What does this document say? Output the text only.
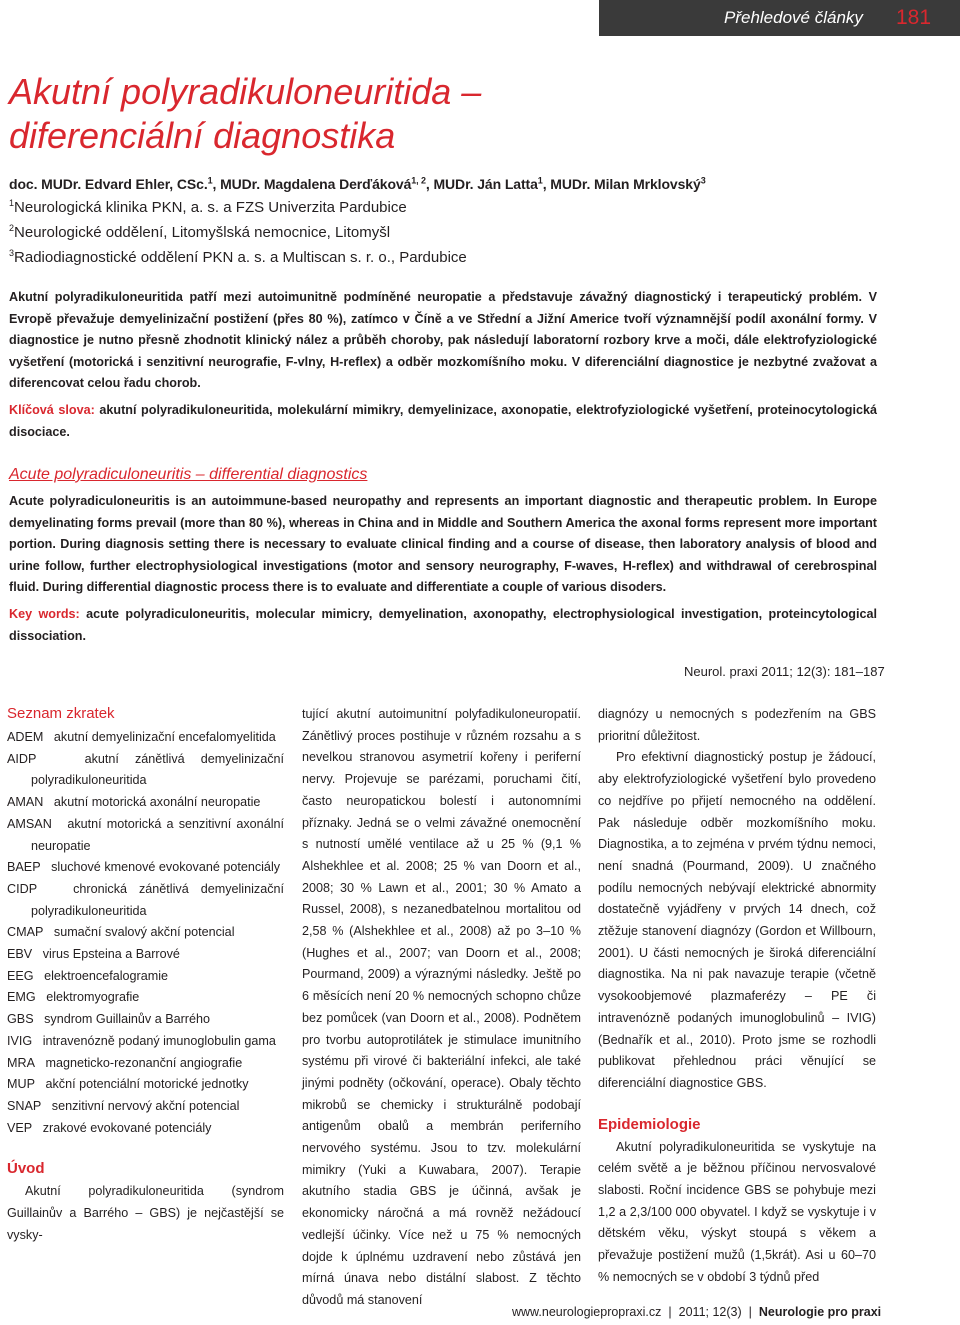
Přehledové články 181
Akutní polyradikuloneuritida – diferenciální diagnostika
doc. MUDr. Edvard Ehler, CSc.$^1$, MUDr. Magdalena Derďáková$^{1, 2}$, MUDr. Ján Latta$^1$, MUDr. Milan Mrklovský$^3$
$^1$Neurologická klinika PKN, a. s. a FZS Univerzita Pardubice
$^2$Neurologické oddělení, Litomyšlská nemocnice, Litomyšl
$^3$Radiodiagnostické oddělení PKN a. s. a Multiscan s. r. o., Pardubice

Akutní polyradikuloneuritida patří mezi autoimunitně podmíněné neuropatie a představuje závažný diagnostický i terapeutický problém. V Evropě převažuje demyelinizační postižení (přes 80 %), zatímco v Číně a ve Střední a Jižní Americe tvoří významnější podíl axonální formy. V diagnostice je nutno přesně zhodnotit klinický nález a průběh choroby, pak následují laboratorní rozbory krve a moči, dále elektrofyziologické vyšetření (motorická i senzitivní neurografie, F-vlny, H-reflex) a odběr mozkomíšního moku. V diferenciální diagnostice je nezbytné zvažovat a diferencovat celou řadu chorob.

Klíčová slova: akutní polyradikuloneuritida, molekulární mimikry, demyelinizace, axonopatie, elektrofyziologické vyšetření, proteinocytologická disociace.

Acute polyradiculoneuritis – differential diagnostics

Acute polyradiculoneuritis is an autoimmune-based neuropathy and represents an important diagnostic and therapeutic problem. In Europe demyelinating forms prevail (more than 80 %), whereas in China and in Middle and Southern America the axonal forms represent more important portion. During diagnosis setting there is necessary to evaluate clinical finding and a course of disease, then laboratory analysis of blood and urine follow, further electrophysiological investigations (motor and sensory neurography, F-waves, H-reflex) and withdrawal of cerebrospinal fluid. During differential diagnostic process there is to evaluate and differentiate a couple of various disoders.

Key words: acute polyradiculoneuritis, molecular mimicry, demyelination, axonopathy, electrophysiological investigation, proteincytological dissociation.

Neurol. praxi 2011; 12(3): 181–187
Seznam zkratek

ADEM akutní demyelinizační encefalomyelitida

AIDP	akutní zánětlivá demyelinizační polyradikuloneuritida

AMAN akutní motorická axonální neuropatie

AMSAN akutní motorická a senzitivní axonální neuropatie

BAEP sluchové kmenové evokované potenciály

CIDP	chronická zánětlivá demyelinizační polyradikuloneuritida

CMAP sumační svalový akční potencial

EBV virus Epsteina a Barrové

EEG elektroencefalogramie

EMG elektromyografie

GBS syndrom Guillainův a Barrého

IVIG intravenózně podaný imunoglobulin gama

MRA magneticko-rezonanční angiografie

MUP akční potenciální motorické jednotky

SNAP senzitivní nervový akční potencial

VEP zrakové evokované potenciály

Úvod

Akutní polyradikuloneuritida (syndrom Guillainův a Barrého – GBS) je nejčastější se vysky-

tující akutní autoimunitní polyfadikuloneuropatií. Zánětlivý proces postihuje v různém rozsahu a s nevelkou stranovou asymetrií kořeny i periferní nervy. Projevuje se parézami, poruchami čití, často neuropatickou bolestí i autonomními příznaky. Jedná se o velmi závažné onemocnění s nutností umělé ventilace až u 25 % (9,1 % Alshekhlee et al. 2008; 25 % van Doorn et al., 2008; 30 % Lawn et al., 2001; 30 % Amato a Russel, 2008), s nezanedbatelnou mortalitou od 2,58 % (Alshekhlee et al., 2008) až po 3–10 % (Hughes et al., 2007; van Doorn et al., 2008; Pourmand, 2009) a výraznými následky. Ještě po 6 měsících není 20 % nemocných schopno chůze bez pomůcek (van Doorn et al., 2008). Podnětem pro tvorbu autoprotilátek je stimulace imunitního systému při virové či bakteriální infekci, ale také jinými podněty (očkování, operace). Obaly těchto mikrobů se chemicky i strukturálně podobají antigenům obalů a membrán periferního nervového systému. Jsou to tzv. molekulární mimikry (Yuki a Kuwabara, 2007). Terapie akutního stadia GBS je účinná, avšak je ekonomicky náročná a má rovněž nežádoucí vedlejší účinky. Více než u 75 % nemocných dojde k úplnému uzdravení nebo zůstává jen mírná únava nebo distální slabost. Z těchto důvodů má stanovení

diagnózy u nemocných s podezřením na GBS prioritní důležitost.

Pro efektivní diagnostický postup je žádoucí, aby elektrofyziologické vyšetření bylo provedeno co nejdříve po přijetí nemocného na oddělení. Pak následuje odběr mozkomíšního moku. Diagnostika, a to zejména v prvém týdnu nemoci, není snadná (Pourmand, 2009). U značného podílu nemocných nebývají elektrické abnormity dostatečně vyjádřeny v prvých 14 dnech, což ztěžuje stanovení diagnózy (Gordon et Willbourn, 2001). U části nemocných je široká diferenciální diagnostika. Na ni pak navazuje terapie (včetně vysokoobjemové plazmaferézy – PE či intravenózně podaných imunoglobulinů – IVIG) (Bednařík et al., 2010). Proto jsme se rozhodli publikovat přehlednou práci věnující se diferenciální diagnostice GBS.

Epidemiologie

Akutní polyradikuloneuritida se vyskytuje na celém světě a je běžnou příčinou nervosvalové slabosti. Roční incidence GBS se pohybuje mezi 1,2 a 2,3/100 000 obyvatel. I když se vyskytuje i v dětském věku, výskyt stoupá s věkem a převažuje postižení mužů (1,5krát). Asi u 60–70 % nemocných se v období 3 týdnů před

www.neurologiepropraxi.cz | 2011; 12(3) | Neurologie pro praxi
